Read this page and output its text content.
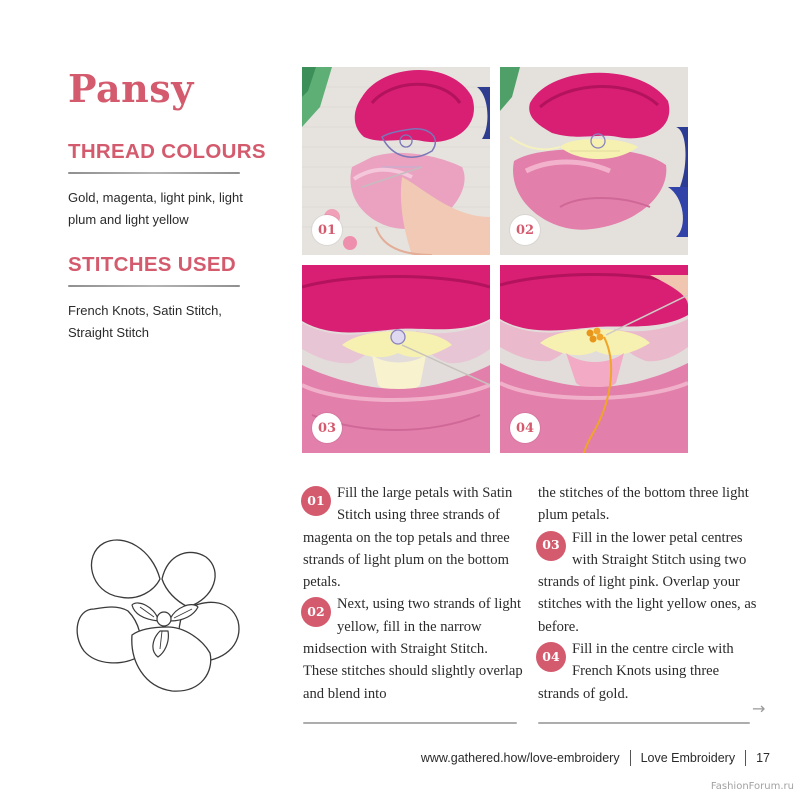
Pansy
THREAD COLOURS
Gold, magenta, light pink, light plum and light yellow
STITCHES USED
French Knots, Satin Stitch, Straight Stitch
01	02
03	04
01 Fill the large petals with Satin Stitch using three strands of magenta on the top petals and three strands of light plum on the bottom petals.
02 Next, using two strands of light yellow, fill in the narrow midsection with Straight Stitch. These stitches should slightly overlap and blend into
the stitches of the bottom three light plum petals.
03 Fill in the lower petal centres with Straight Stitch using two strands of light pink. Overlap your stitches with the light yellow ones, as before.
04 Fill in the centre circle with French Knots using three strands of gold.
→
www.gathered.how/love-embroidery Love Embroidery 17
FashionForum.ru
